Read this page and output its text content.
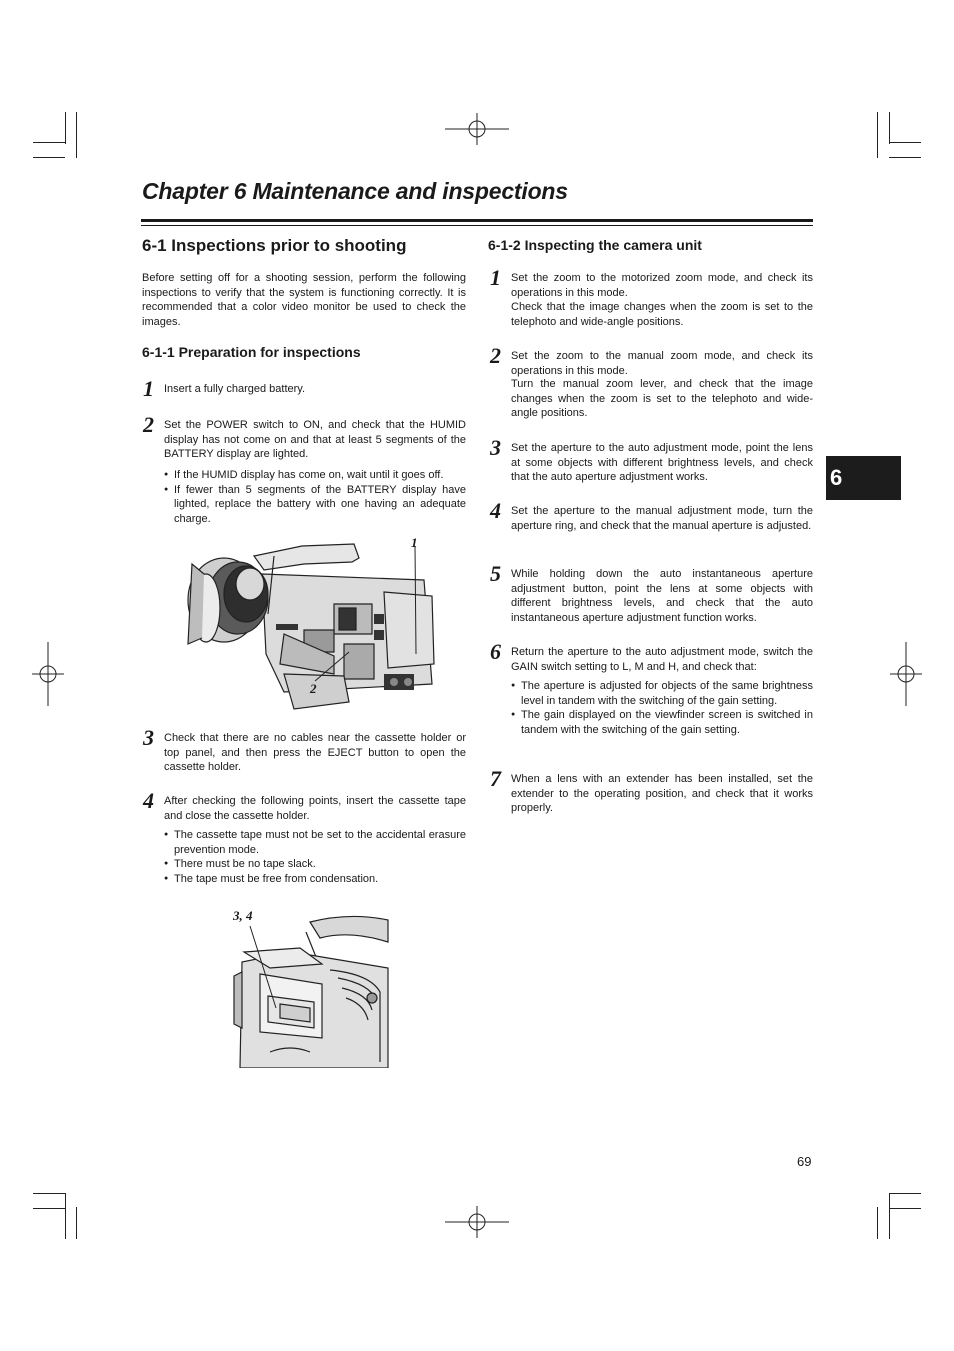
Chapter 6 Maintenance and inspections
6
6-1 Inspections prior to shooting

Before setting off for a shooting session, perform the following inspections to verify that the system is functioning correctly. It is recommended that a color video monitor be used to check the images.

6-1-1 Preparation for inspections
1 Insert a fully charged battery.

2 Set the POWER switch to ON, and check that the HUMID display has not come on and that at least 5 segments of the BATTERY display are lighted.

● If the HUMID display has come on, wait until it goes off.
● If fewer than 5 segments of the BATTERY display have lighted, replace the battery with one having an adequate charge.
1
2
3 Check that there are no cables near the cassette holder or top panel, and then press the EJECT button to open the cassette holder.

4 After checking the following points, insert the cassette tape and close the cassette holder.

● The cassette tape must not be set to the accidental erasure prevention mode.
● There must be no tape slack.
● The tape must be free from condensation.
3, 4
6-1-2 Inspecting the camera unit
1 Set the zoom to the motorized zoom mode, and check its operations in this mode.

Check that the image changes when the zoom is set to the telephoto and wide-angle positions.

2 Set the zoom to the manual zoom mode, and check its operations in this mode.

Turn the manual zoom lever, and check that the image changes when the zoom is set to the telephoto and wide-angle positions.

3 Set the aperture to the auto adjustment mode, point the lens at some objects with different brightness levels, and check that the auto aperture adjustment works.

4 Set the aperture to the manual adjustment mode, turn the aperture ring, and check that the manual aperture is adjusted.

5 While holding down the auto instantaneous aperture adjustment button, point the lens at some objects with different brightness levels, and check that the auto instantaneous aperture adjustment function works.

6 Return the aperture to the auto adjustment mode, switch the GAIN switch setting to L, M and H, and check that:

● The aperture is adjusted for objects of the same brightness level in tandem with the switching of the gain setting.
● The gain displayed on the viewfinder screen is switched in tandem with the switching of the gain setting.
7 When a lens with an extender has been installed, set the extender to the operating position, and check that it works properly.

69
